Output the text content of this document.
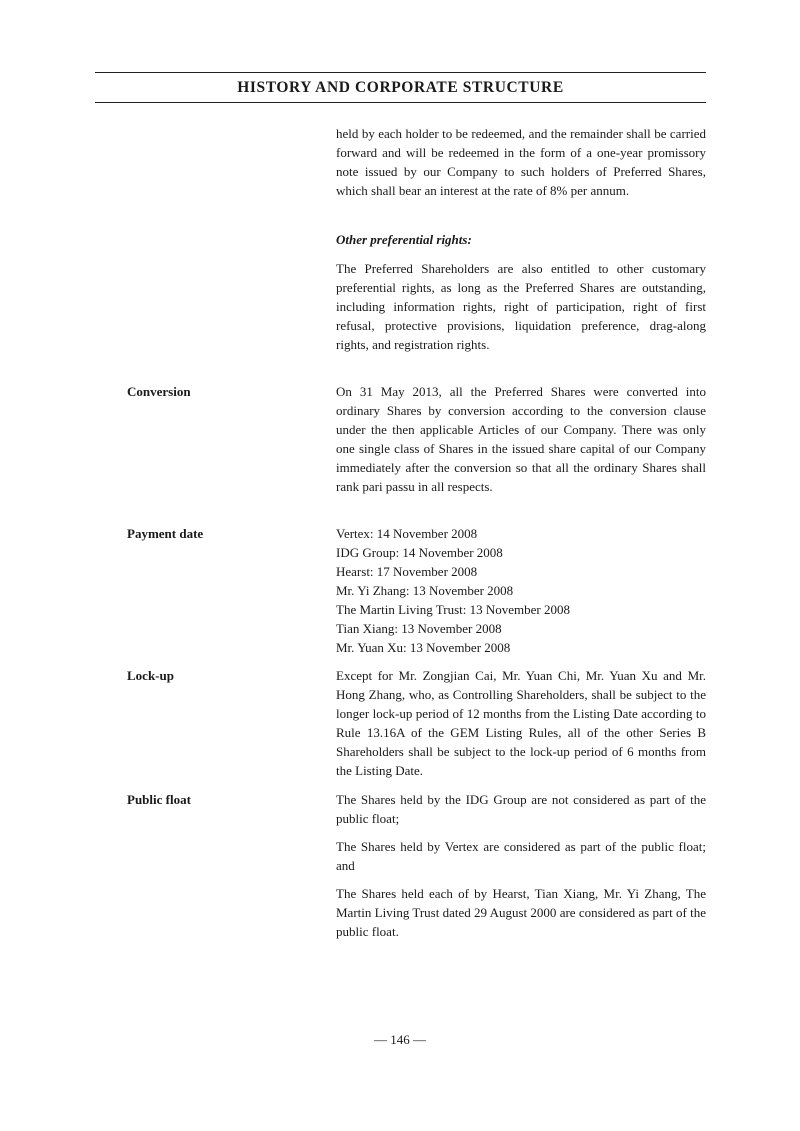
HISTORY AND CORPORATE STRUCTURE

held by each holder to be redeemed, and the remainder shall be carried forward and will be redeemed in the form of a one-year promissory note issued by our Company to such holders of Preferred Shares, which shall bear an interest at the rate of 8% per annum.

Other preferential rights:

The Preferred Shareholders are also entitled to other customary preferential rights, as long as the Preferred Shares are outstanding, including information rights, right of participation, right of first refusal, protective provisions, liquidation preference, drag-along rights, and registration rights.

Conversion	On 31 May 2013, all the Preferred Shares were converted into ordinary Shares by conversion according to the conversion clause under the then applicable Articles of our Company. There was only one single class of Shares in the issued share capital of our Company immediately after the conversion so that all the ordinary Shares shall rank pari passu in all respects.

Payment date	Vertex: 14 November 2008
IDG Group: 14 November 2008
Hearst: 17 November 2008
Mr. Yi Zhang: 13 November 2008
The Martin Living Trust: 13 November 2008
Tian Xiang: 13 November 2008
Mr. Yuan Xu: 13 November 2008
Lock-up	Except for Mr. Zongjian Cai, Mr. Yuan Chi, Mr. Yuan Xu and Mr. Hong Zhang, who, as Controlling Shareholders, shall be subject to the longer lock-up period of 12 months from the Listing Date according to Rule 13.16A of the GEM Listing Rules, all of the other Series B Shareholders shall be subject to the lock-up period of 6 months from the Listing Date.

Public float	The Shares held by the IDG Group are not considered as part of the public float;

The Shares held by Vertex are considered as part of the public float; and

The Shares held each of by Hearst, Tian Xiang, Mr. Yi Zhang, The Martin Living Trust dated 29 August 2000 are considered as part of the public float.

— 146 —
